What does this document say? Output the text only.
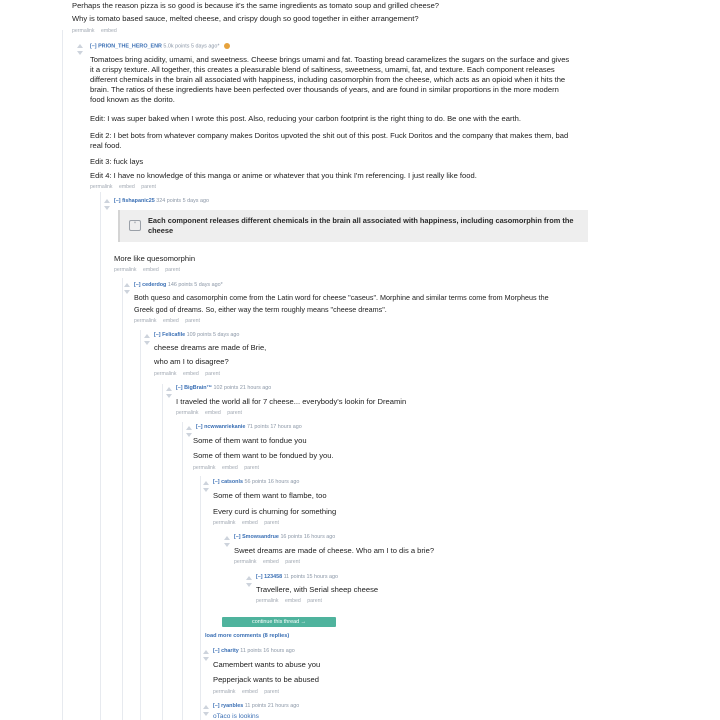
Perhaps the reason pizza is so good is because it's the same ingredients as tomato soup and grilled cheese?
Why is tomato based sauce, melted cheese, and crispy dough so good together in either arrangement?
permalink embed
[–] PRION_THE_HERO_ENR 5.0k points 5 days ago*
Tomatoes bring acidity, umami, and sweetness. Cheese brings umami and fat. Toasting bread caramelizes the sugars on the surface and gives it a crispy texture. All together, this creates a pleasurable blend of saltiness, sweetness, umami, fat, and texture. Each component releases different chemicals in the brain all associated with happiness, including casomorphin from the cheese, which acts as an opioid when it hits the brain. The ratios of these ingredients have been perfected over thousands of years, and are found in similar proportions in the more modern food known as the dorito.
Edit: I was super baked when I wrote this post. Also, reducing your carbon footprint is the right thing to do. Be one with the earth.
Edit 2: I bet bots from whatever company makes Doritos upvoted the shit out of this post. Fuck Doritos and the company that makes them, bad real food.
Edit 3: fuck lays
Edit 4: I have no knowledge of this manga or anime or whatever that you think I'm referencing. I just really like food.
permalink embed parent
[–] fishapanic25 324 points 5 days ago
“	Each component releases different chemicals in the brain all associated with happiness, including casomorphin from the cheese
More like quesomorphin
permalink embed parent
[–] cederdog 146 points 5 days ago*
Both queso and casomorphin come from the Latin word for cheese "caseus". Morphine and similar terms come from Morpheus the
Greek god of dreams. So, either way the term roughly means "cheese dreams".
permalink embed parent
[–] Felicafile 109 points 5 days ago
cheese dreams are made of Brie,
who am I to disagree?
permalink embed parent
[–] BigBrain™ 102 points 21 hours ago
I traveled the world all for 7 cheese... everybody's lookin for Dreamin
permalink embed parent
[–] ncwwanriekanie 71 points 17 hours ago
Some of them want to fondue you
Some of them want to be fondued by you.
permalink embed parent
[–] catsonls 56 points 16 hours ago
Some of them want to flambe, too
Every curd is churning for something
permalink embed parent
[–] Smowsandrue 16 points 16 hours ago
Sweet dreams are made of cheese. Who am I to dis a brie?
permalink embed parent
[–] 123458 11 points 15 hours ago
Travellere, with Serial sheep cheese
permalink embed parent
continue this thread →
load more comments (8 replies)
[–] charity 11 points 16 hours ago
Camembert wants to abuse you
Pepperjack wants to be abused
permalink embed parent
[–] ryanbles 11 points 21 hours ago
oTaco is lookins
